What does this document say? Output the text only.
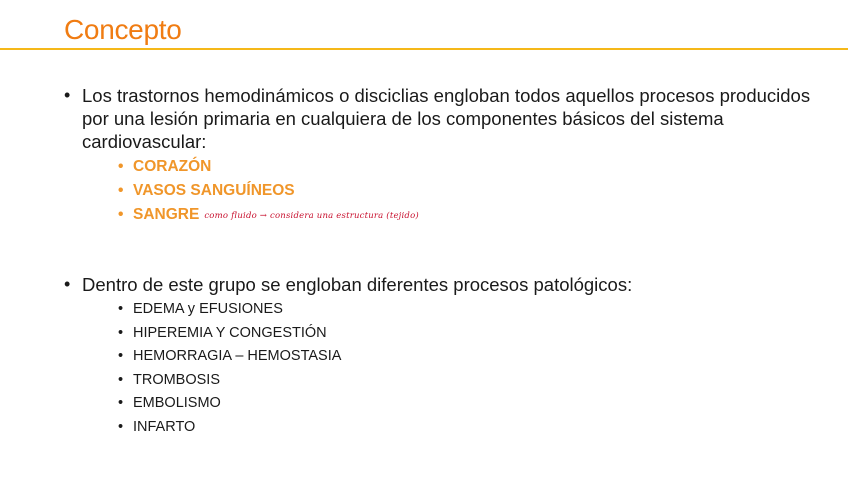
Concepto
• Los trastornos hemodinámicos o disciclias engloban todos aquellos procesos producidos por una lesión primaria en cualquiera de los componentes básicos del sistema cardiovascular:
• CORAZÓN
• VASOS SANGUÍNEOS
• SANGRE como fluido → considera una estructura (tejido)
• Dentro de este grupo se engloban diferentes procesos patológicos:
• EDEMA y EFUSIONES
• HIPEREMIA Y CONGESTIÓN
• HEMORRAGIA – HEMOSTASIA
• TROMBOSIS
• EMBOLISMO
• INFARTO
